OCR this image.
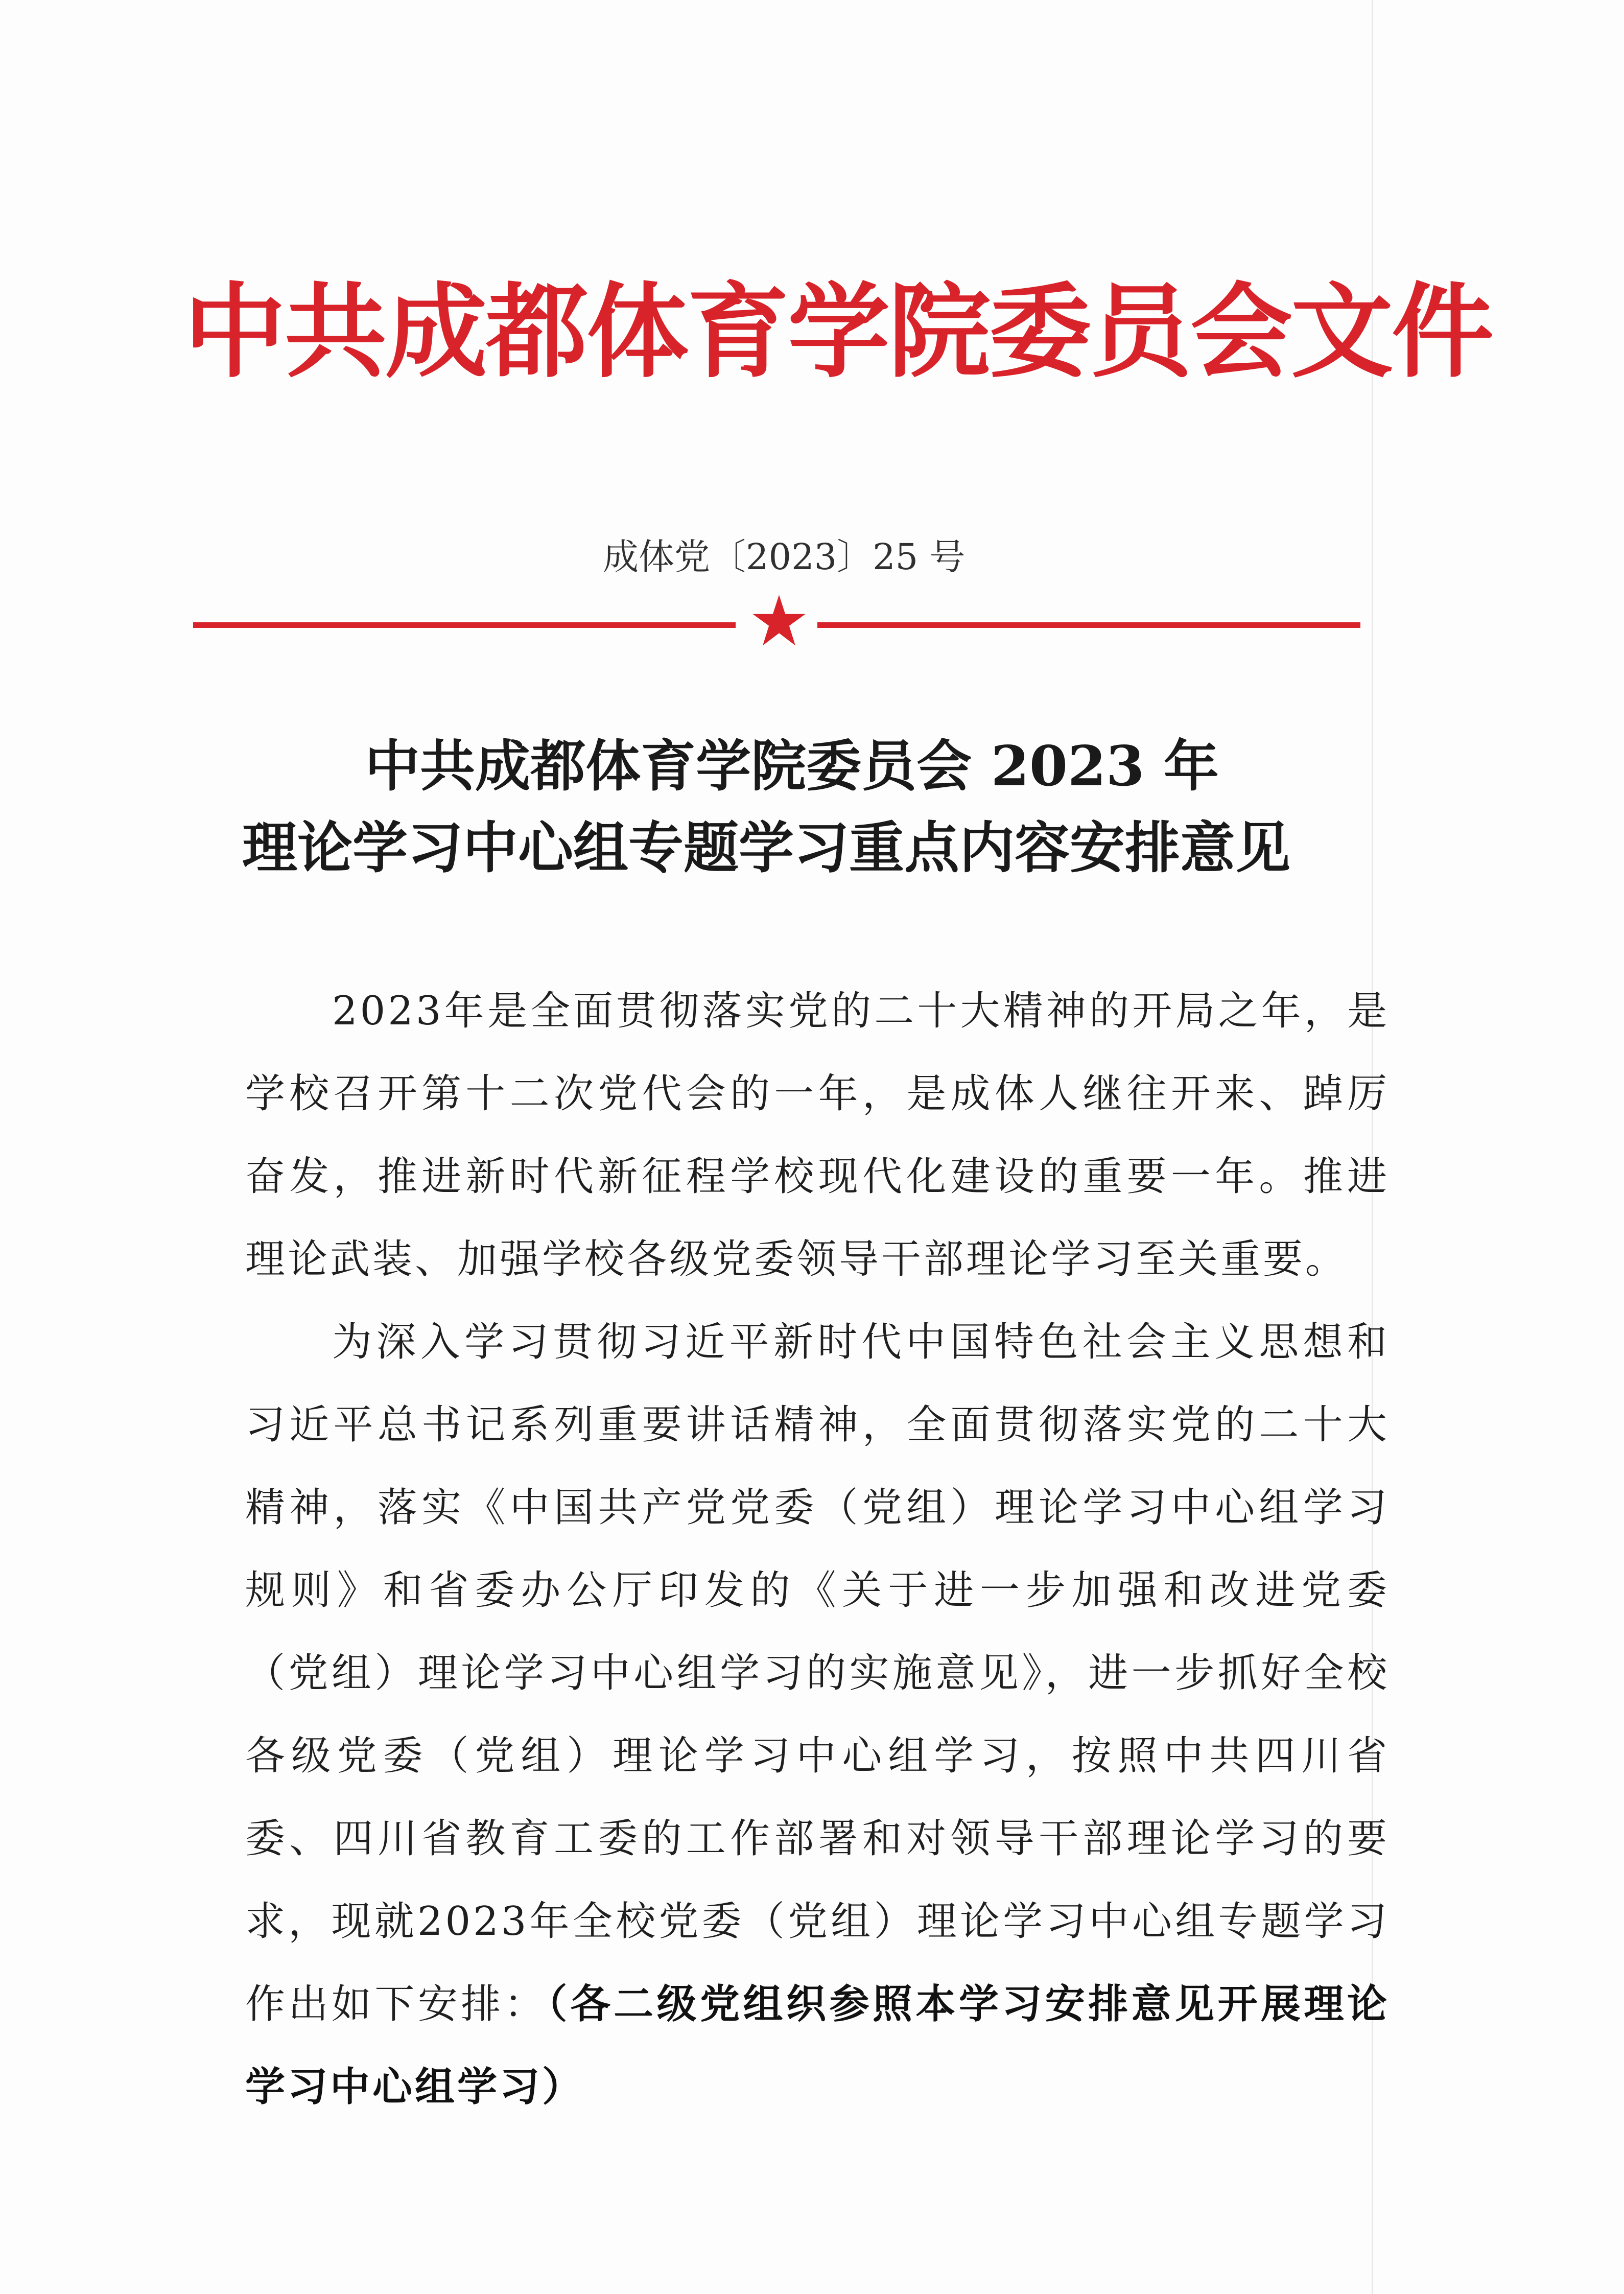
中共成都体育学院委员会文件
成体党〔2023〕25 号
中共成都体育学院委员会 2023 年
理论学习中心组专题学习重点内容安排意见

2023年是全面贯彻落实党的二十大精神的开局之年，是学校召开第十二次党代会的一年，是成体人继往开来、踔厉奋发，推进新时代新征程学校现代化建设的重要一年。推进理论武装、加强学校各级党委领导干部理论学习至关重要。

为深入学习贯彻习近平新时代中国特色社会主义思想和习近平总书记系列重要讲话精神，全面贯彻落实党的二十大精神，落实《中国共产党党委（党组）理论学习中心组学习规则》和省委办公厅印发的《关于进一步加强和改进党委（党组）理论学习中心组学习的实施意见》，进一步抓好全校各级党委（党组）理论学习中心组学习，按照中共四川省委、四川省教育工委的工作部署和对领导干部理论学习的要求，现就2023年全校党委（党组）理论学习中心组专题学习作出如下安排：（各二级党组织参照本学习安排意见开展理论学习中心组学习）
